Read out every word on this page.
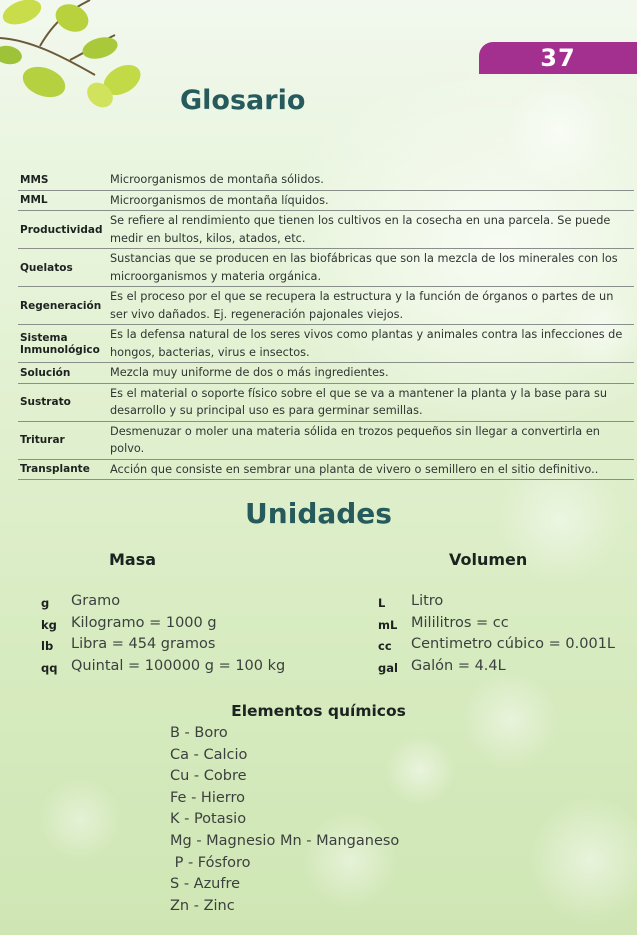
37
Glosario
MMS	Microorganismos de montaña sólidos.
MML	Microorganismos de montaña líquidos.
Productividad	Se refiere al rendimiento que tienen los cultivos en la cosecha en una parcela. Se puede medir en bultos, kilos, atados, etc.
Quelatos	Sustancias que se producen en las biofábricas que son la mezcla de los minerales con los microorganismos y materia orgánica.
Regeneración	Es el proceso por el que se recupera la estructura y la función de órganos o partes de un ser vivo dañados. Ej. regeneración pajonales viejos.
Sistema Inmunológico	Es la defensa natural de los seres vivos como plantas y animales contra las infecciones de hongos, bacterias, virus e insectos.
Solución	Mezcla muy uniforme de dos o más ingredientes.
Sustrato	Es el material o soporte físico sobre el que se va a mantener la planta y la base para su desarrollo y su principal uso es para germinar semillas.
Triturar	Desmenuzar o moler una materia sólida en trozos pequeños sin llegar a convertirla en polvo.
Transplante	Acción que consiste en sembrar una planta de vivero o semillero en el sitio definitivo..
Unidades
Masa	Volumen
g Gramo
kg Kilogramo = 1000 g
lb Libra = 454 gramos
qq Quintal = 100000 g = 100 kg
L Litro
mL Mililitros = cc
cc Centimetro cúbico = 0.001L
gal Galón = 4.4L
Elementos químicos
B - Boro
Ca - Calcio
Cu - Cobre
Fe - Hierro
K - Potasio
Mg - Magnesio Mn - Manganeso
P - Fósforo
S - Azufre
Zn - Zinc
